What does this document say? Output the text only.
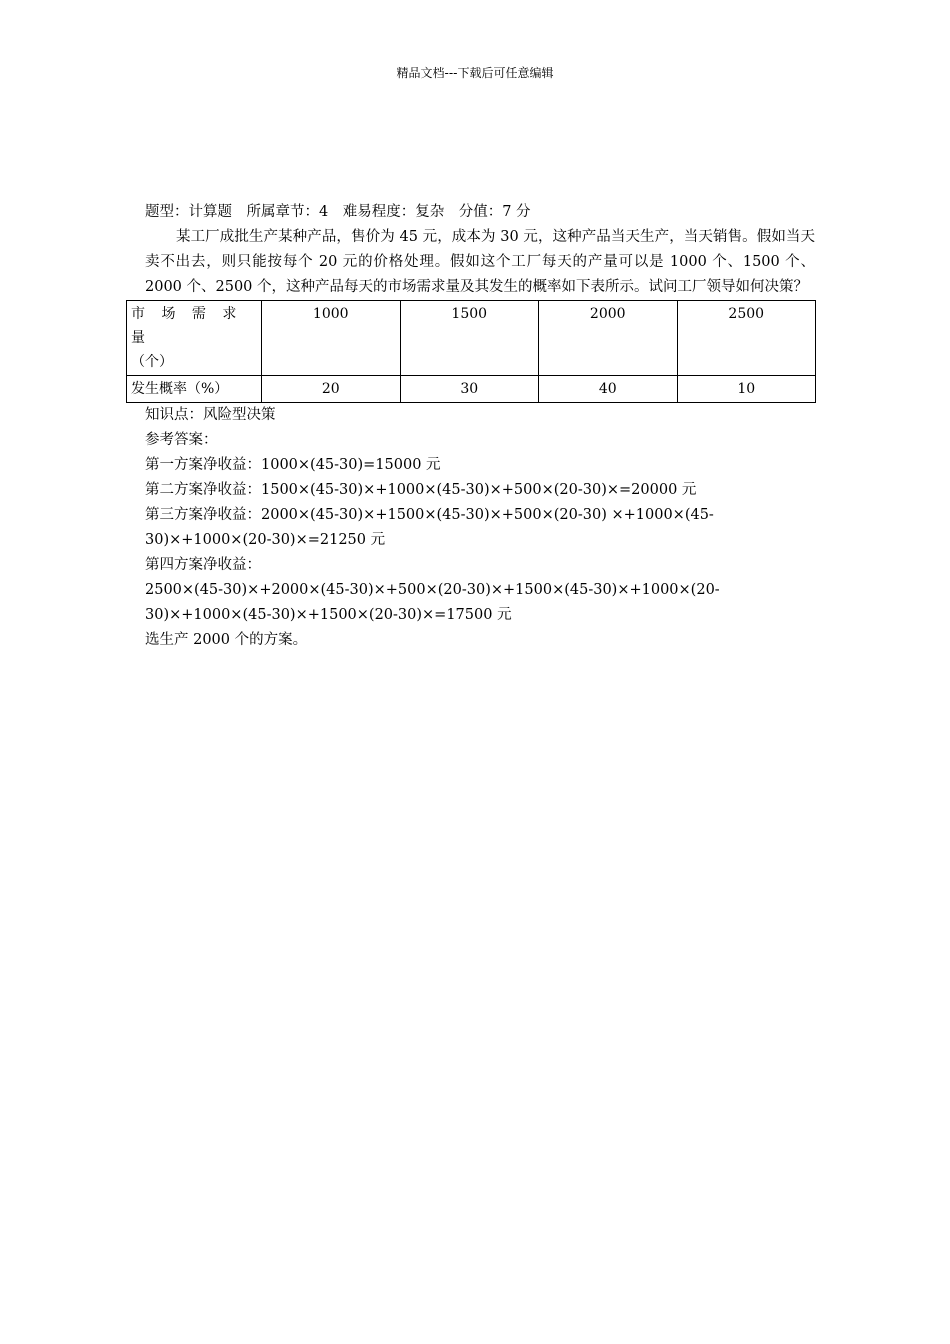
精品文档---下载后可任意编辑
题型：计算题　所属章节：4　难易程度：复杂　分值：7 分
某工厂成批生产某种产品，售价为 45 元，成本为 30 元，这种产品当天生产，当天销售。假如当天卖不出去，则只能按每个 20 元的价格处理。假如这个工厂每天的产量可以是 1000 个、1500 个、2000 个、2500 个，这种产品每天的市场需求量及其发生的概率如下表所示。试问工厂领导如何决策？
市 场 需 求 量
（个）	1000	1500	2000	2500
发生概率（%）	20	30	40	10
知识点：风险型决策
参考答案：
第一方案净收益：1000×(45-30)=15000 元
第二方案净收益：1500×(45-30)×+1000×(45-30)×+500×(20-30)×=20000 元
第三方案净收益：2000×(45-30)×+1500×(45-30)×+500×(20-30) ×+1000×(45-
30)×+1000×(20-30)×=21250 元
第四方案净收益：
2500×(45-30)×+2000×(45-30)×+500×(20-30)×+1500×(45-30)×+1000×(20-
30)×+1000×(45-30)×+1500×(20-30)×=17500 元
选生产 2000 个的方案。
